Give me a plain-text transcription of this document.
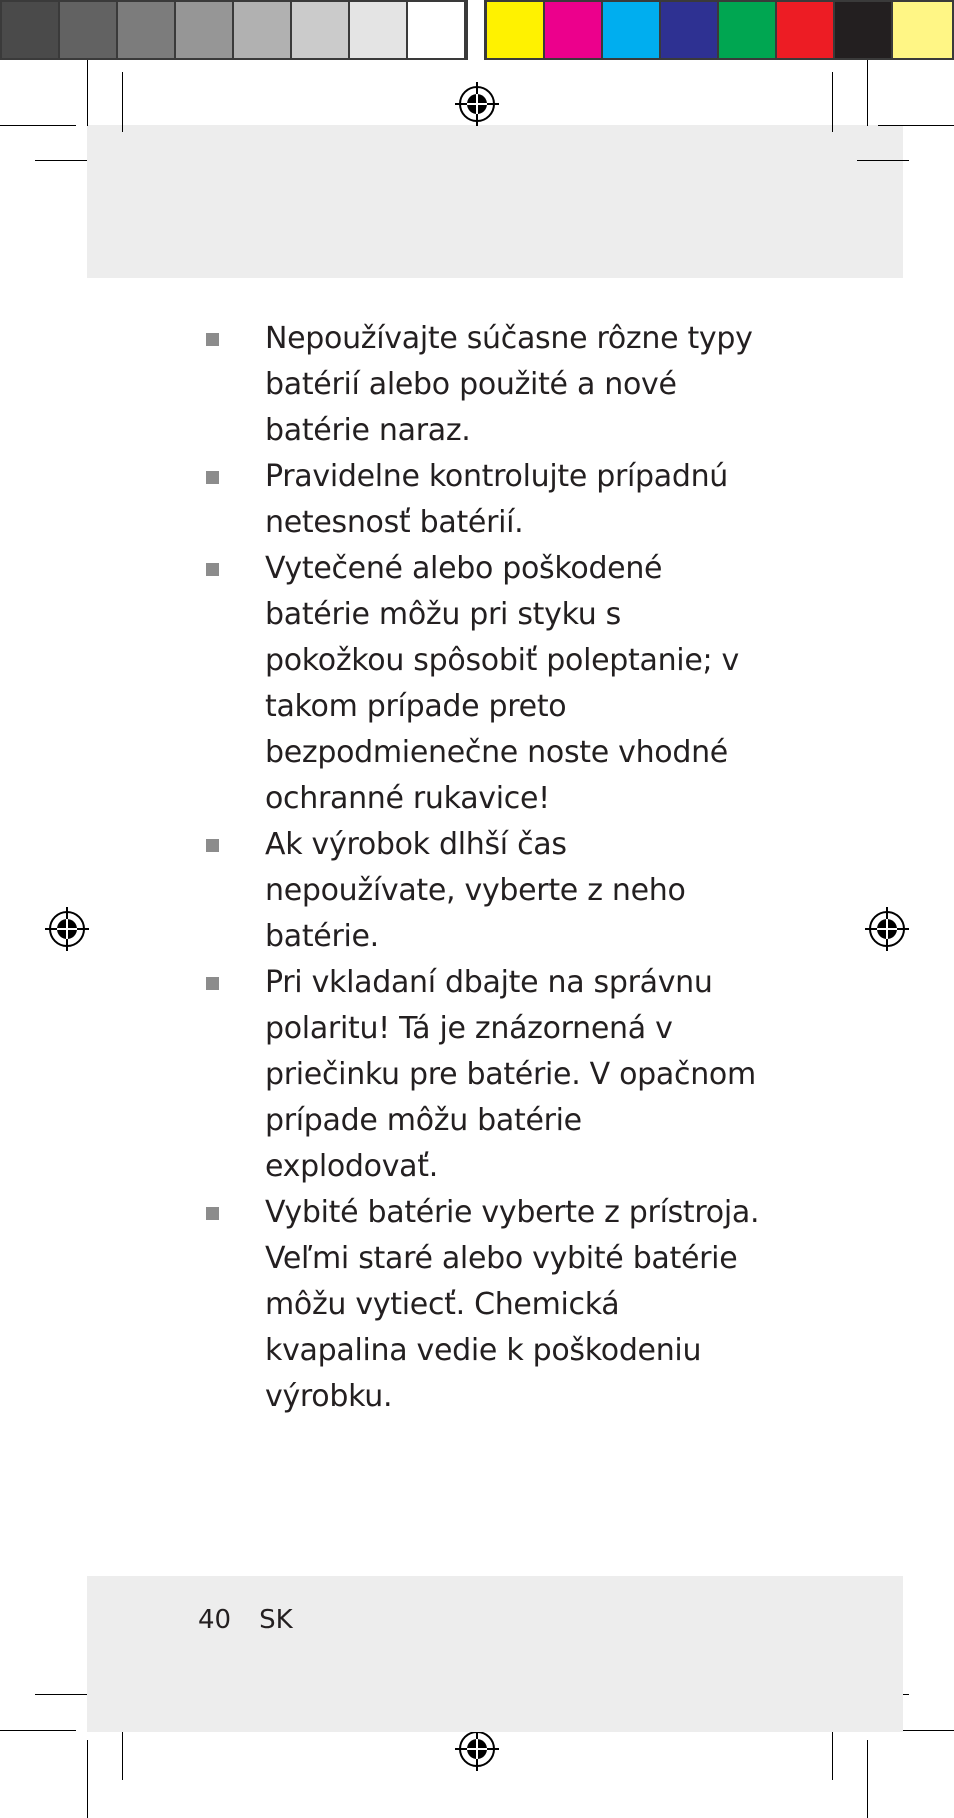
Nepoužívajte súčasne rôzne typy batérií alebo použité a nové batérie naraz.
Pravidelne kontrolujte prípadnú netesnosť batérií.
Vytečené alebo poškodené batérie môžu pri styku s pokožkou spôsobiť poleptanie; v takom prípade preto bezpodmienečne noste vhodné ochranné rukavice!
Ak výrobok dlhší čas nepoužívate, vyberte z neho batérie.
Pri vkladaní dbajte na správnu polaritu! Tá je znázornená v priečinku pre batérie. V opačnom prípade môžu batérie explodovať.
Vybité batérie vyberte z prístroja. Veľmi staré alebo vybité batérie môžu vytiecť. Chemická kvapalina vedie k poškodeniu výrobku.
40 SK
